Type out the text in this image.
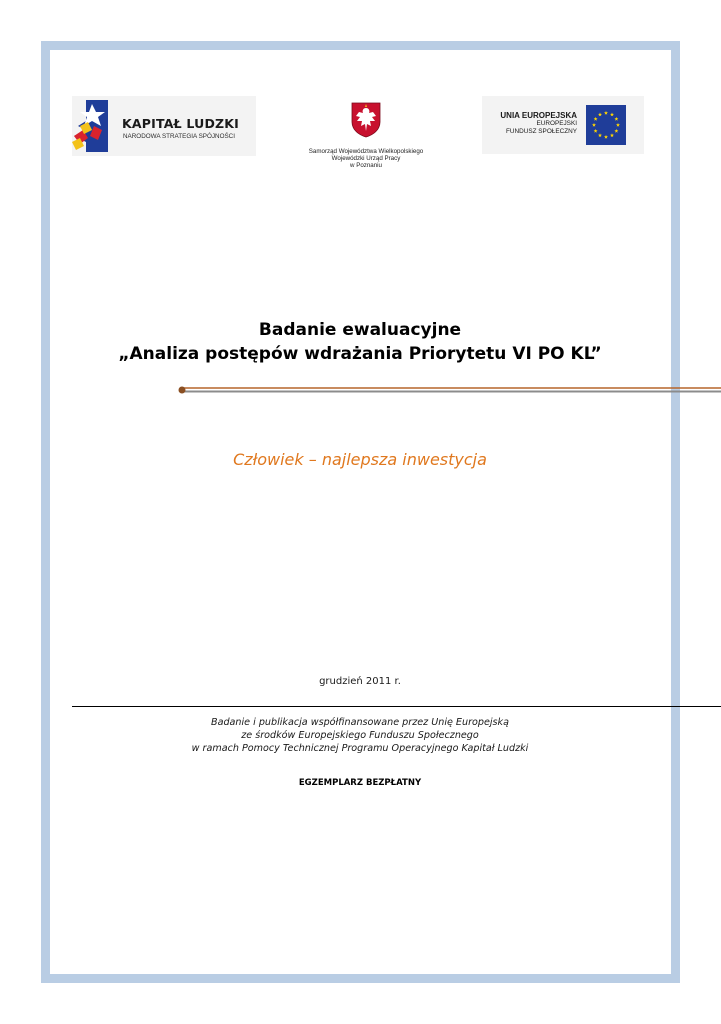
KAPITAŁ LUDZKI
NARODOWA STRATEGIA SPÓJNOŚCI
Samorząd Województwa Wielkopolskiego
Wojewódzki Urząd Pracy
w Poznaniu
UNIA EUROPEJSKA
EUROPEJSKI
FUNDUSZ SPOŁECZNY
Badanie ewaluacyjne
„Analiza postępów wdrażania Priorytetu VI PO KL”
Człowiek – najlepsza inwestycja
grudzień 2011 r.
Badanie i publikacja współfinansowane przez Unię Europejską
ze środków Europejskiego Funduszu Społecznego
w ramach Pomocy Technicznej Programu Operacyjnego Kapitał Ludzki
EGZEMPLARZ BEZPŁATNY
